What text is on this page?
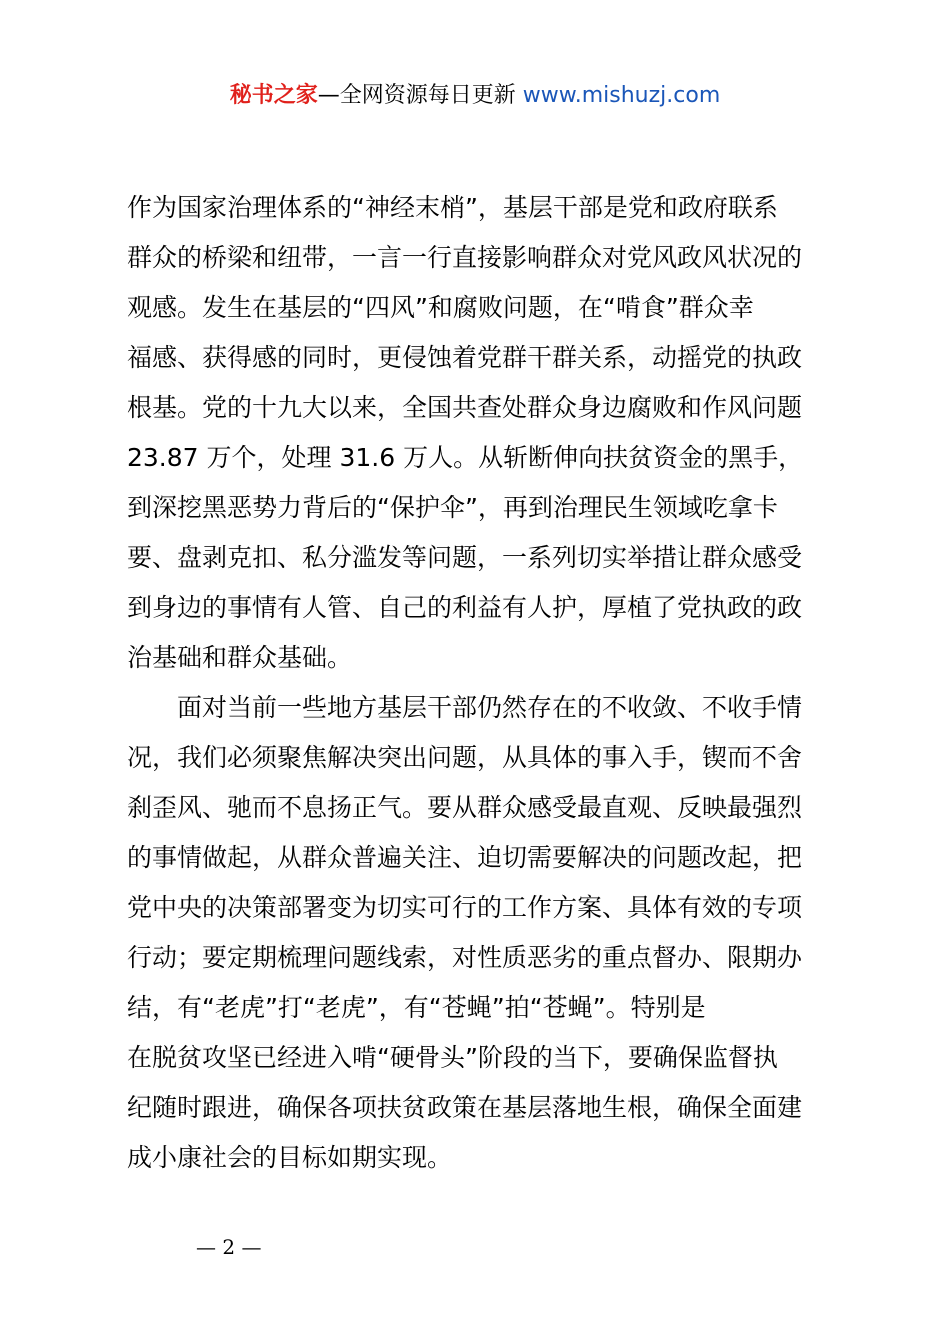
秘书之家—全网资源每日更新 www.mishuzj.com
作为国家治理体系的“神经末梢”，基层干部是党和政府联系
群众的桥梁和纽带，一言一行直接影响群众对党风政风状况的
观感。发生在基层的“四风”和腐败问题，在“啃食”群众幸
福感、获得感的同时，更侵蚀着党群干群关系，动摇党的执政
根基。党的十九大以来，全国共查处群众身边腐败和作风问题
23.87 万个，处理 31.6 万人。从斩断伸向扶贫资金的黑手，
到深挖黑恶势力背后的“保护伞”，再到治理民生领域吃拿卡
要、盘剥克扣、私分滥发等问题，一系列切实举措让群众感受
到身边的事情有人管、自己的利益有人护，厚植了党执政的政
治基础和群众基础。
　　面对当前一些地方基层干部仍然存在的不收敛、不收手情
况，我们必须聚焦解决突出问题，从具体的事入手，锲而不舍
刹歪风、驰而不息扬正气。要从群众感受最直观、反映最强烈
的事情做起，从群众普遍关注、迫切需要解决的问题改起，把
党中央的决策部署变为切实可行的工作方案、具体有效的专项
行动；要定期梳理问题线索，对性质恶劣的重点督办、限期办
结，有“老虎”打“老虎”，有“苍蝇”拍“苍蝇”。特别是
在脱贫攻坚已经进入啃“硬骨头”阶段的当下，要确保监督执
纪随时跟进，确保各项扶贫政策在基层落地生根，确保全面建
成小康社会的目标如期实现。
— 2 —
